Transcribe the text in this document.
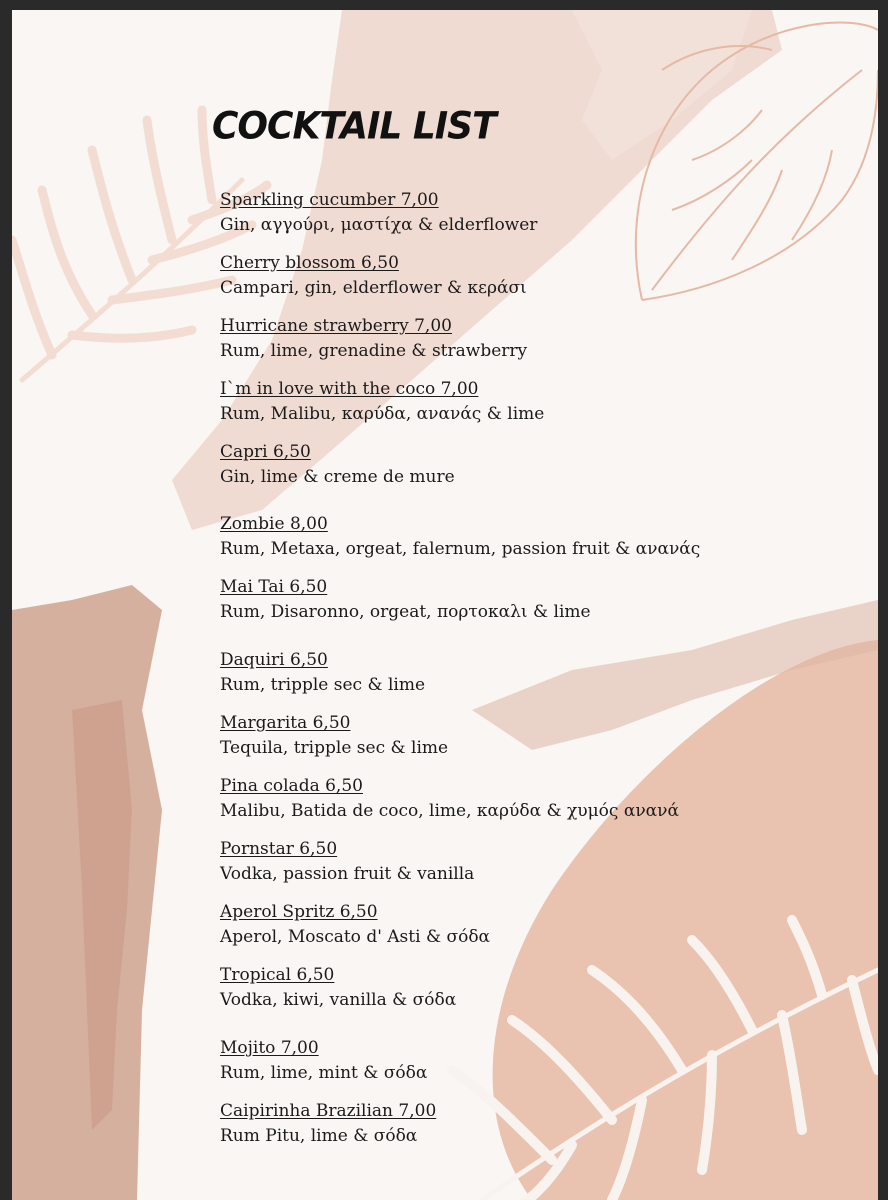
COCKTAIL LIST
Sparkling cucumber 7,00
Gin, αγγούρι, μαστίχα & elderflower
Cherry blossom 6,50
Campari, gin, elderflower & κεράσι
Hurricane strawberry 7,00
Rum, lime, grenadine & strawberry
I`m in love with the coco 7,00
Rum, Malibu, καρύδα, ανανάς & lime
Capri 6,50
Gin, lime & creme de mure
Zombie 8,00
Rum, Metaxa, orgeat, falernum, passion fruit & ανανάς
Mai Tai 6,50
Rum, Disaronno, orgeat, πορτοκαλι & lime
Daquiri 6,50
Rum, tripple sec & lime
Margarita 6,50
Tequila, tripple sec & lime
Pina colada 6,50
Malibu, Batida de coco, lime, καρύδα & χυμός ανανά
Pornstar 6,50
Vodka, passion fruit & vanilla
Aperol Spritz 6,50
Aperol, Moscato d' Asti & σόδα
Tropical 6,50
Vodka, kiwi, vanilla & σόδα
Mojito 7,00
Rum, lime, mint & σόδα
Caipirinha Brazilian 7,00
Rum Pitu, lime & σόδα
